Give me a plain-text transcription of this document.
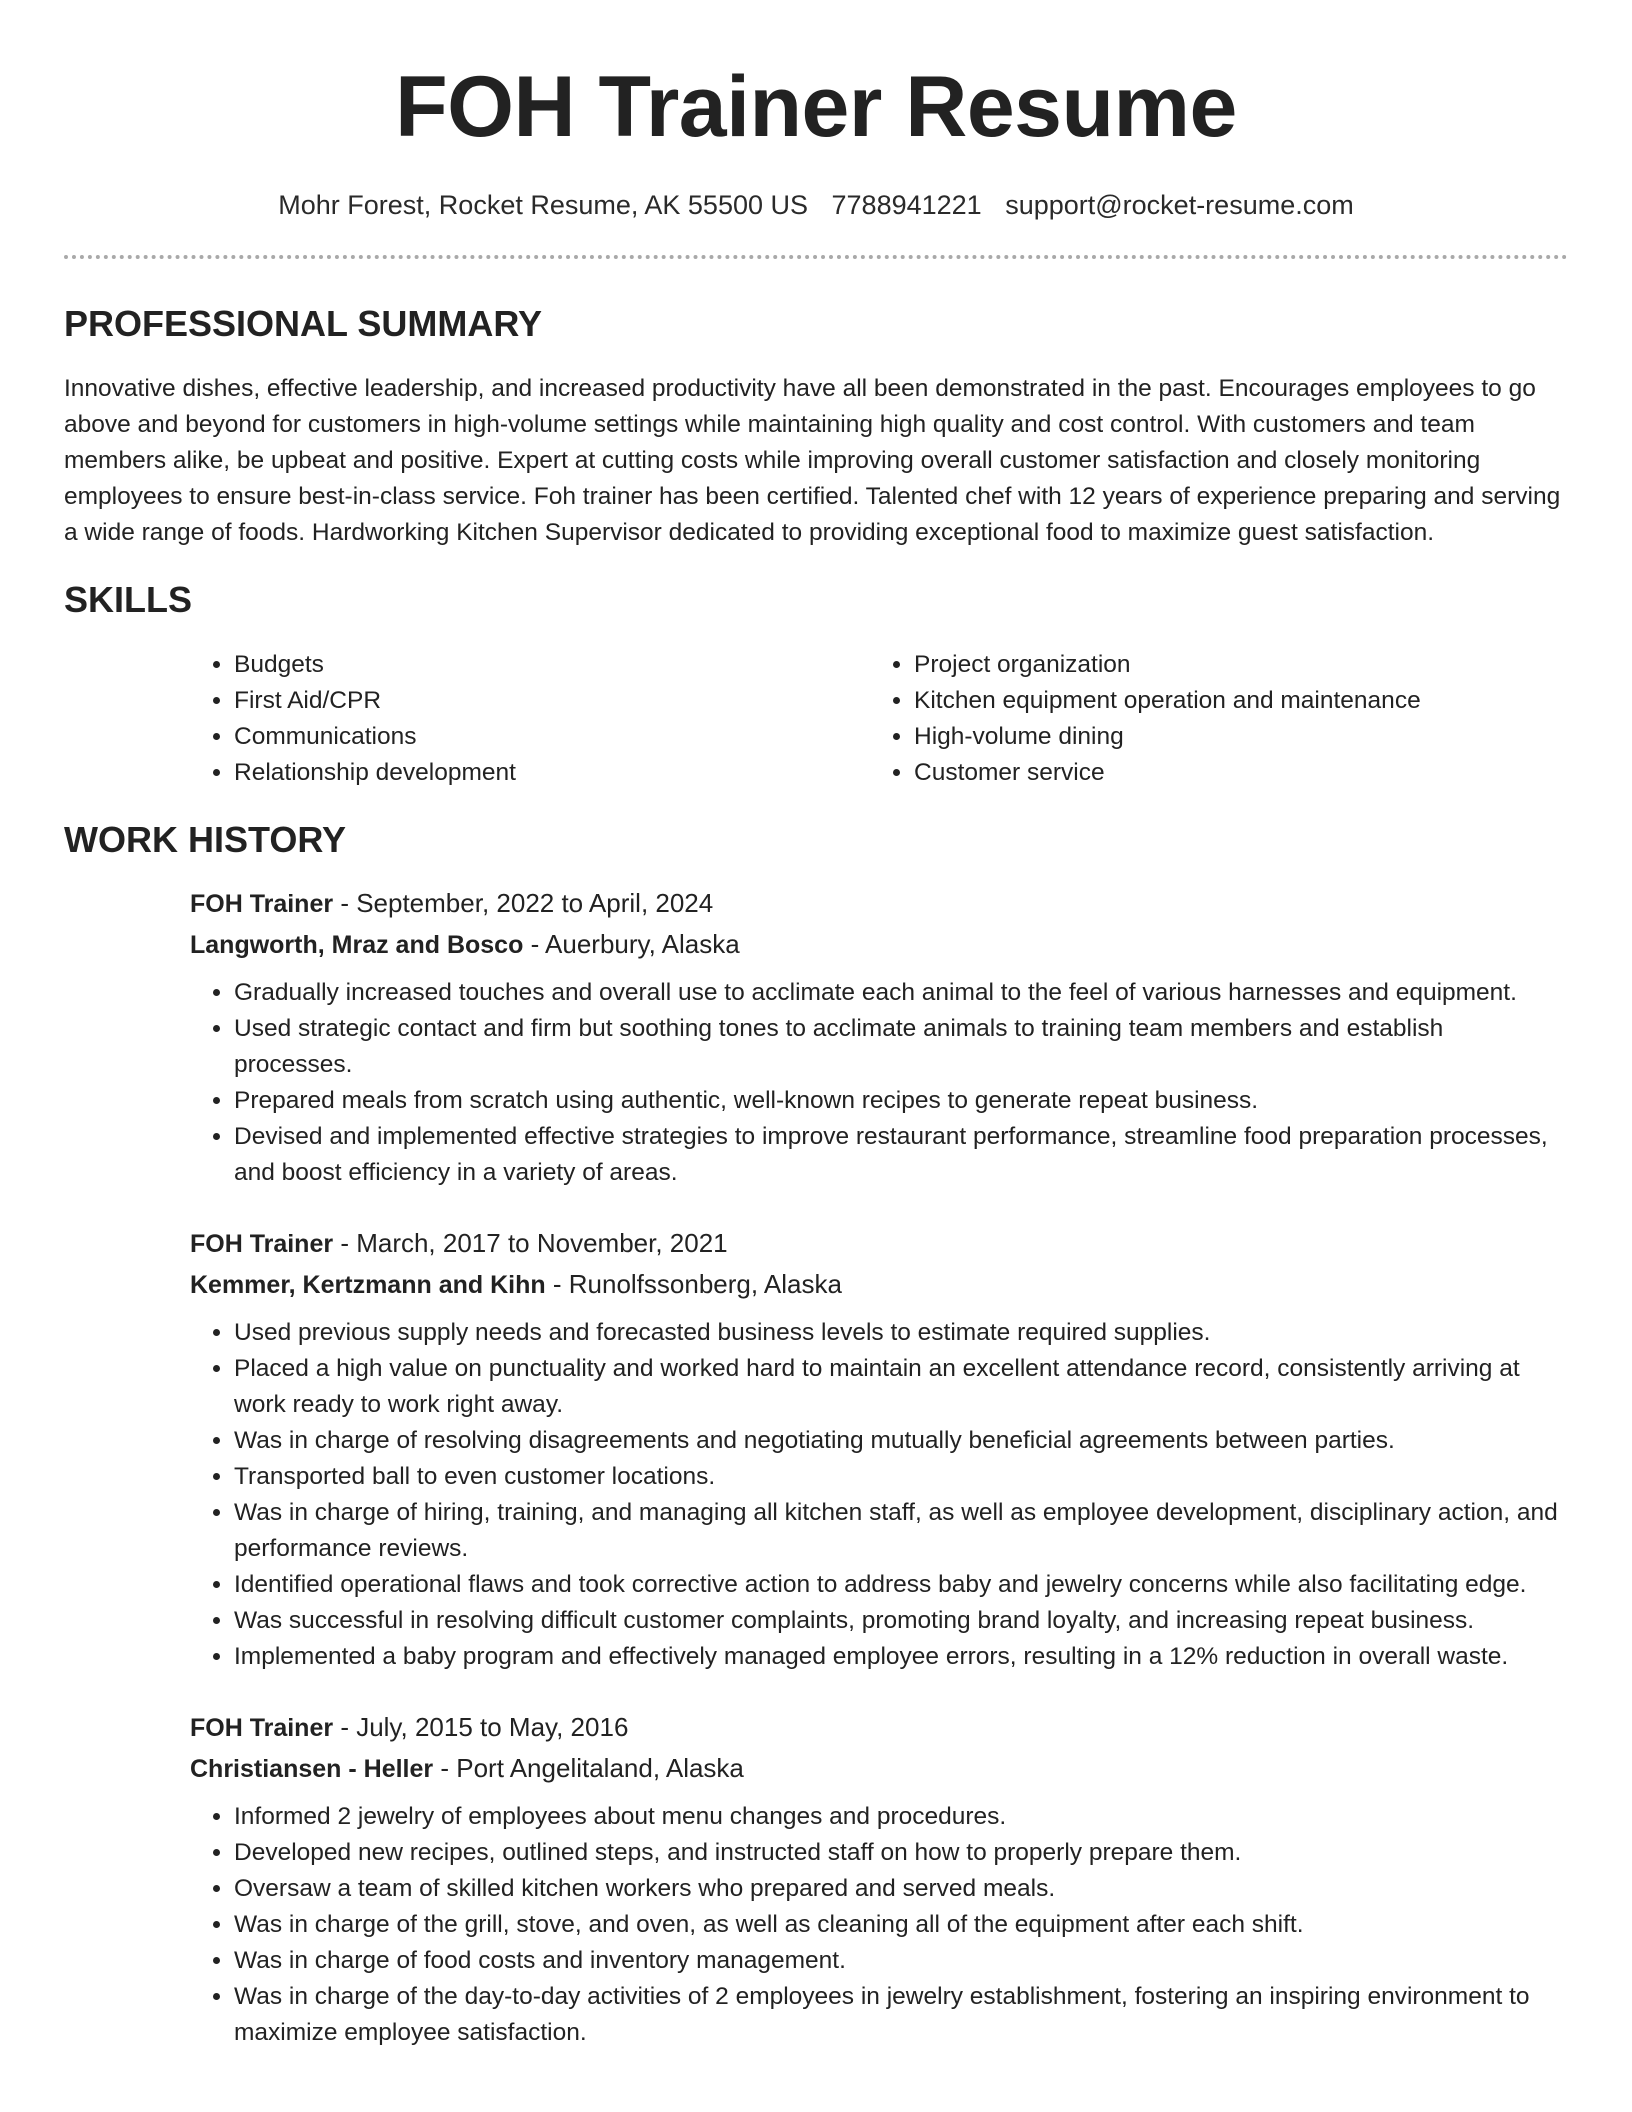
FOH Trainer Resume
Mohr Forest, Rocket Resume, AK 55500 US 7788941221 support@rocket-resume.com
PROFESSIONAL SUMMARY

Innovative dishes, effective leadership, and increased productivity have all been demonstrated in the past. Encourages employees to go above and beyond for customers in high-volume settings while maintaining high quality and cost control. With customers and team members alike, be upbeat and positive. Expert at cutting costs while improving overall customer satisfaction and closely monitoring employees to ensure best-in-class service. Foh trainer has been certified. Talented chef with 12 years of experience preparing and serving a wide range of foods. Hardworking Kitchen Supervisor dedicated to providing exceptional food to maximize guest satisfaction.

SKILLS
• Budgets
• First Aid/CPR
• Communications
• Relationship development
• Project organization
• Kitchen equipment operation and maintenance
• High-volume dining
• Customer service
WORK HISTORY
FOH Trainer - September, 2022 to April, 2024
Langworth, Mraz and Bosco - Auerbury, Alaska
• Gradually increased touches and overall use to acclimate each animal to the feel of various harnesses and equipment.
• Used strategic contact and firm but soothing tones to acclimate animals to training team members and establish processes.
• Prepared meals from scratch using authentic, well-known recipes to generate repeat business.
• Devised and implemented effective strategies to improve restaurant performance, streamline food preparation processes, and boost efficiency in a variety of areas.
FOH Trainer - March, 2017 to November, 2021
Kemmer, Kertzmann and Kihn - Runolfssonberg, Alaska
• Used previous supply needs and forecasted business levels to estimate required supplies.
• Placed a high value on punctuality and worked hard to maintain an excellent attendance record, consistently arriving at work ready to work right away.
• Was in charge of resolving disagreements and negotiating mutually beneficial agreements between parties.
• Transported ball to even customer locations.
• Was in charge of hiring, training, and managing all kitchen staff, as well as employee development, disciplinary action, and performance reviews.
• Identified operational flaws and took corrective action to address baby and jewelry concerns while also facilitating edge.
• Was successful in resolving difficult customer complaints, promoting brand loyalty, and increasing repeat business.
• Implemented a baby program and effectively managed employee errors, resulting in a 12% reduction in overall waste.
FOH Trainer - July, 2015 to May, 2016
Christiansen - Heller - Port Angelitaland, Alaska
• Informed 2 jewelry of employees about menu changes and procedures.
• Developed new recipes, outlined steps, and instructed staff on how to properly prepare them.
• Oversaw a team of skilled kitchen workers who prepared and served meals.
• Was in charge of the grill, stove, and oven, as well as cleaning all of the equipment after each shift.
• Was in charge of food costs and inventory management.
• Was in charge of the day-to-day activities of 2 employees in jewelry establishment, fostering an inspiring environment to maximize employee satisfaction.
